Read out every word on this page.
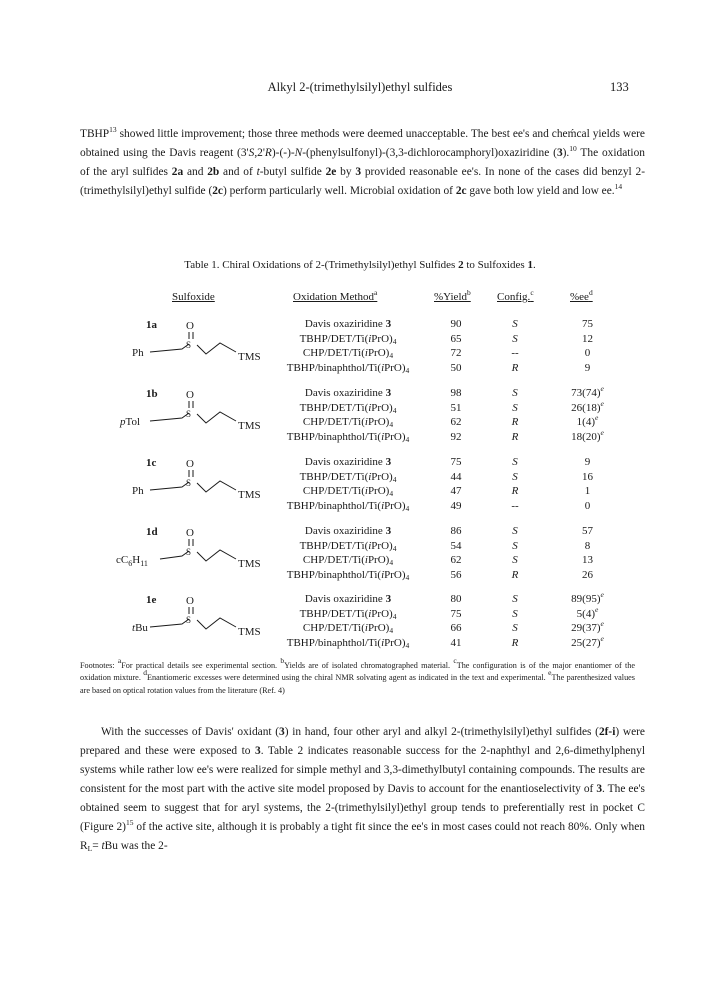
Alkyl 2-(trimethylsilyl)ethyl sulfides	133

TBHP$^{13}$ showed little improvement; those three methods were deemed unacceptable. The best ee's and cheḿcal yields were obtained using the Davis reagent (3'S,2'R)-(-)-N-(phenylsulfonyl)-(3,3-dichlorocamphoryl)oxaziridine (3).$^{10}$ The oxidation of the aryl sulfides 2a and 2b and of t-butyl sulfide 2e by 3 provided reasonable ee's. In none of the cases did benzyl 2-(trimethylsilyl)ethyl sulfide (2c) perform particularly well. Microbial oxidation of 2c gave both low yield and low ee.$^{14}$

Table 1. Chiral Oxidations of 2-(Trimethylsilyl)ethyl Sulfides 2 to Sulfoxides 1.
Sulfoxide	Oxidation Method$^a$	%Yield$^b$ Config.$^c$	$\%ee^d$
1a
Ph
O
S
TMS
Davis oxaziridine 3	90	S	75
TBHP/$DET/Ti(iPrO)_4$	65	S	12
CHP/$DET/Ti(iPrO)_4$	72	--	0
TBHP/$binaphthol/Ti(iPrO)_4$	50	R	9
1b
pTol
O
S
TMS
Davis oxaziridine 3	98	S	$73(74)^e$
TBHP/$DET/Ti(iPrO)_4$	51	S	$26(18)^e$
CHP/$DET/Ti(iPrO)_4$	62	R	$1(4)^e$
TBHP/$binaphthol/Ti(iPrO)_4$	92	R	$18(20)^e$
1c
Ph
O
S
TMS
Davis oxaziridine 3	75	S	9
TBHP/$DET/Ti(iPrO)_4$	44	S	16
CHP/$DET/Ti(iPrO)_4$	47	R	1
TBHP/$binaphthol/Ti(iPrO)_4$	49	--	0
1d
$cC_6H_{11}$
O
S
TMS
Davis oxaziridine 3	86	S	57
TBHP/$DET/Ti(iPrO)_4$	54	S	8
CHP/$DET/Ti(iPrO)_4$	62	S	13
TBHP/$binaphthol/Ti(iPrO)_4$	56	R	26
1e
tBu
O
S
TMS
Davis oxaziridine 3	80	S	$89(95)^e$
TBHP/$DET/Ti(iPrO)_4$	75	S	$5(4)^e$
CHP/$DET/Ti(iPrO)_4$	66	S	$29(37)^e$
TBHP/$binaphthol/Ti(iPrO)_4$	41	R	$25(27)^e$
Footnotes: $^a$For practical details see experimental section. $^b$Yields are of isolated chromatographed material. $^c$The configuration is of the major enantiomer of the oxidation mixture. $^d$Enantiomeric excesses were determined using the chiral NMR solvating agent as indicated in the text and experimental. $^e$The parenthesized values are based on optical rotation values from the literature (Ref. 4)

With the successes of Davis' oxidant (3) in hand, four other aryl and alkyl 2-(trimethylsilyl)ethyl sulfides (2f-i) were prepared and these were exposed to 3. Table 2 indicates reasonable success for the 2-naphthyl and 2,6-dimethylphenyl systems while rather low ee's were realized for simple methyl and 3,3-dimethylbutyl containing compounds. The results are consistent for the most part with the active site model proposed by Davis to account for the enantioselectivity of 3. The ee's obtained seem to suggest that for aryl systems, the 2-(trimethylsilyl)ethyl group tends to preferentially rest in pocket C (Figure 2)$^{15}$ of the active site, although it is probably a tight fit since the ee's in most cases could not reach 80%. Only when $R_L=$ tBu was the 2-
